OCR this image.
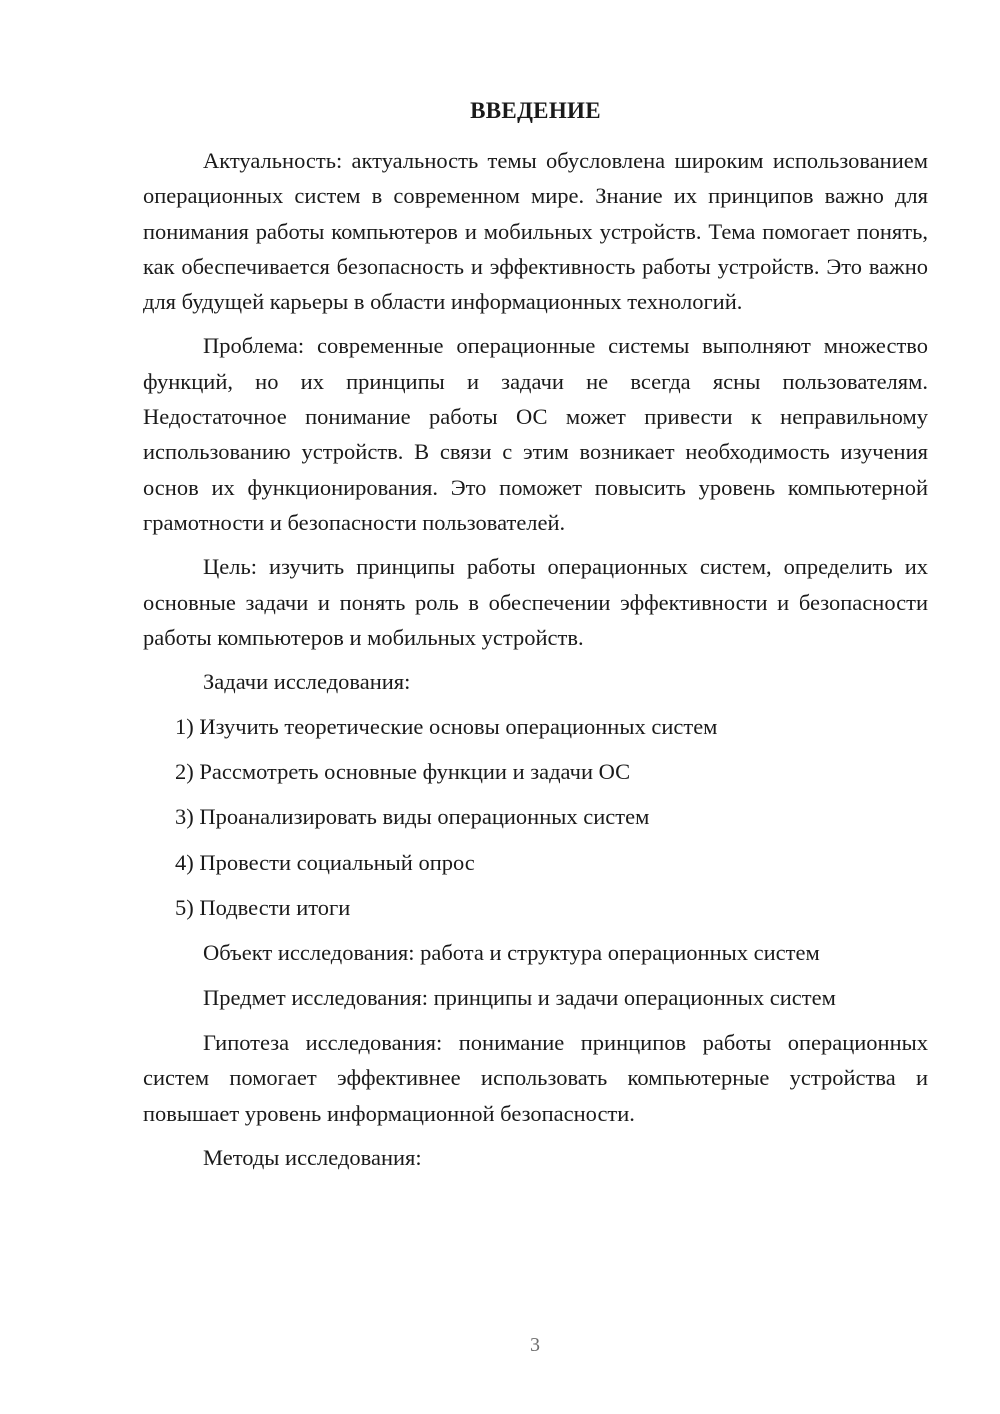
ВВЕДЕНИЕ

Актуальность: актуальность темы обусловлена широким использованием операционных систем в современном мире. Знание их принципов важно для понимания работы компьютеров и мобильных устройств. Тема помогает понять, как обеспечивается безопасность и эффективность работы устройств. Это важно для будущей карьеры в области информационных технологий.

Проблема: современные операционные системы выполняют множество функций, но их принципы и задачи не всегда ясны пользователям. Недостаточное понимание работы ОС может привести к неправильному использованию устройств. В связи с этим возникает необходимость изучения основ их функционирования. Это поможет повысить уровень компьютерной грамотности и безопасности пользователей.

Цель: изучить принципы работы операционных систем, определить их основные задачи и понять роль в обеспечении эффективности и безопасности работы компьютеров и мобильных устройств.

Задачи исследования:
1) Изучить теоретические основы операционных систем
2) Рассмотреть основные функции и задачи ОС
3) Проанализировать виды операционных систем
4) Провести социальный опрос
5) Подвести итоги
Объект исследования: работа и структура операционных систем
Предмет исследования: принципы и задачи операционных систем

Гипотеза исследования: понимание принципов работы операционных систем помогает эффективнее использовать компьютерные устройства и повышает уровень информационной безопасности.

Методы исследования:
3
